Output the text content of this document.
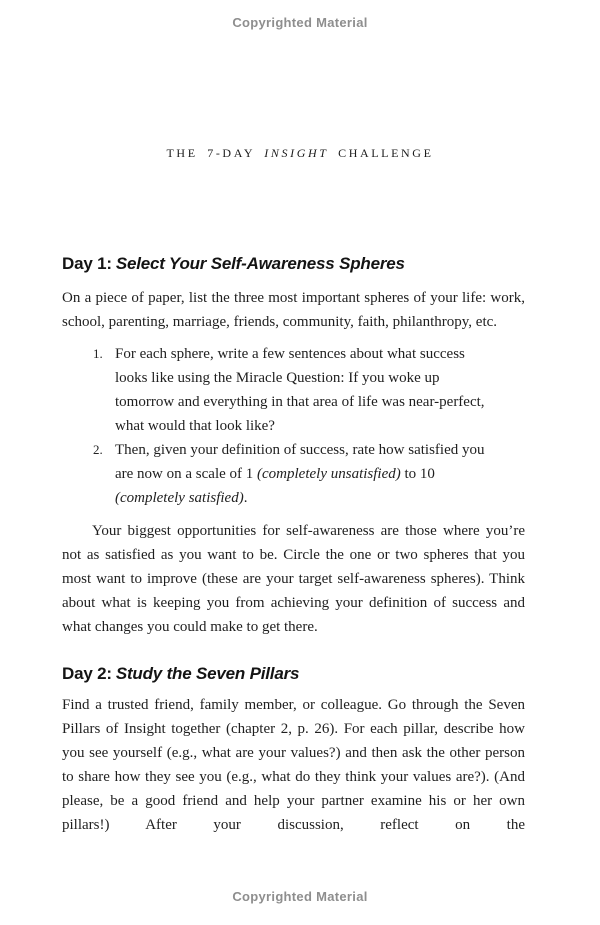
Copyrighted Material
THE 7-DAY INSIGHT CHALLENGE
Day 1: Select Your Self-Awareness Spheres

On a piece of paper, list the three most important spheres of your life: work, school, parenting, marriage, friends, community, faith, philanthropy, etc.

1. For each sphere, write a few sentences about what success looks like using the Miracle Question: If you woke up tomorrow and everything in that area of life was near-perfect, what would that look like?
2. Then, given your definition of success, rate how satisfied you are now on a scale of 1 (completely unsatisfied) to 10 (completely satisfied).

Your biggest opportunities for self-awareness are those where you’re not as satisfied as you want to be. Circle the one or two spheres that you most want to improve (these are your target self-awareness spheres). Think about what is keeping you from achieving your definition of success and what changes you could make to get there.

Day 2: Study the Seven Pillars

Find a trusted friend, family member, or colleague. Go through the Seven Pillars of Insight together (chapter 2, p. 26). For each pillar, describe how you see yourself (e.g., what are your values?) and then ask the other person to share how they see you (e.g., what do they think your values are?). (And please, be a good friend and help your partner examine his or her own pillars!) After your discussion, reflect on the

Copyrighted Material
